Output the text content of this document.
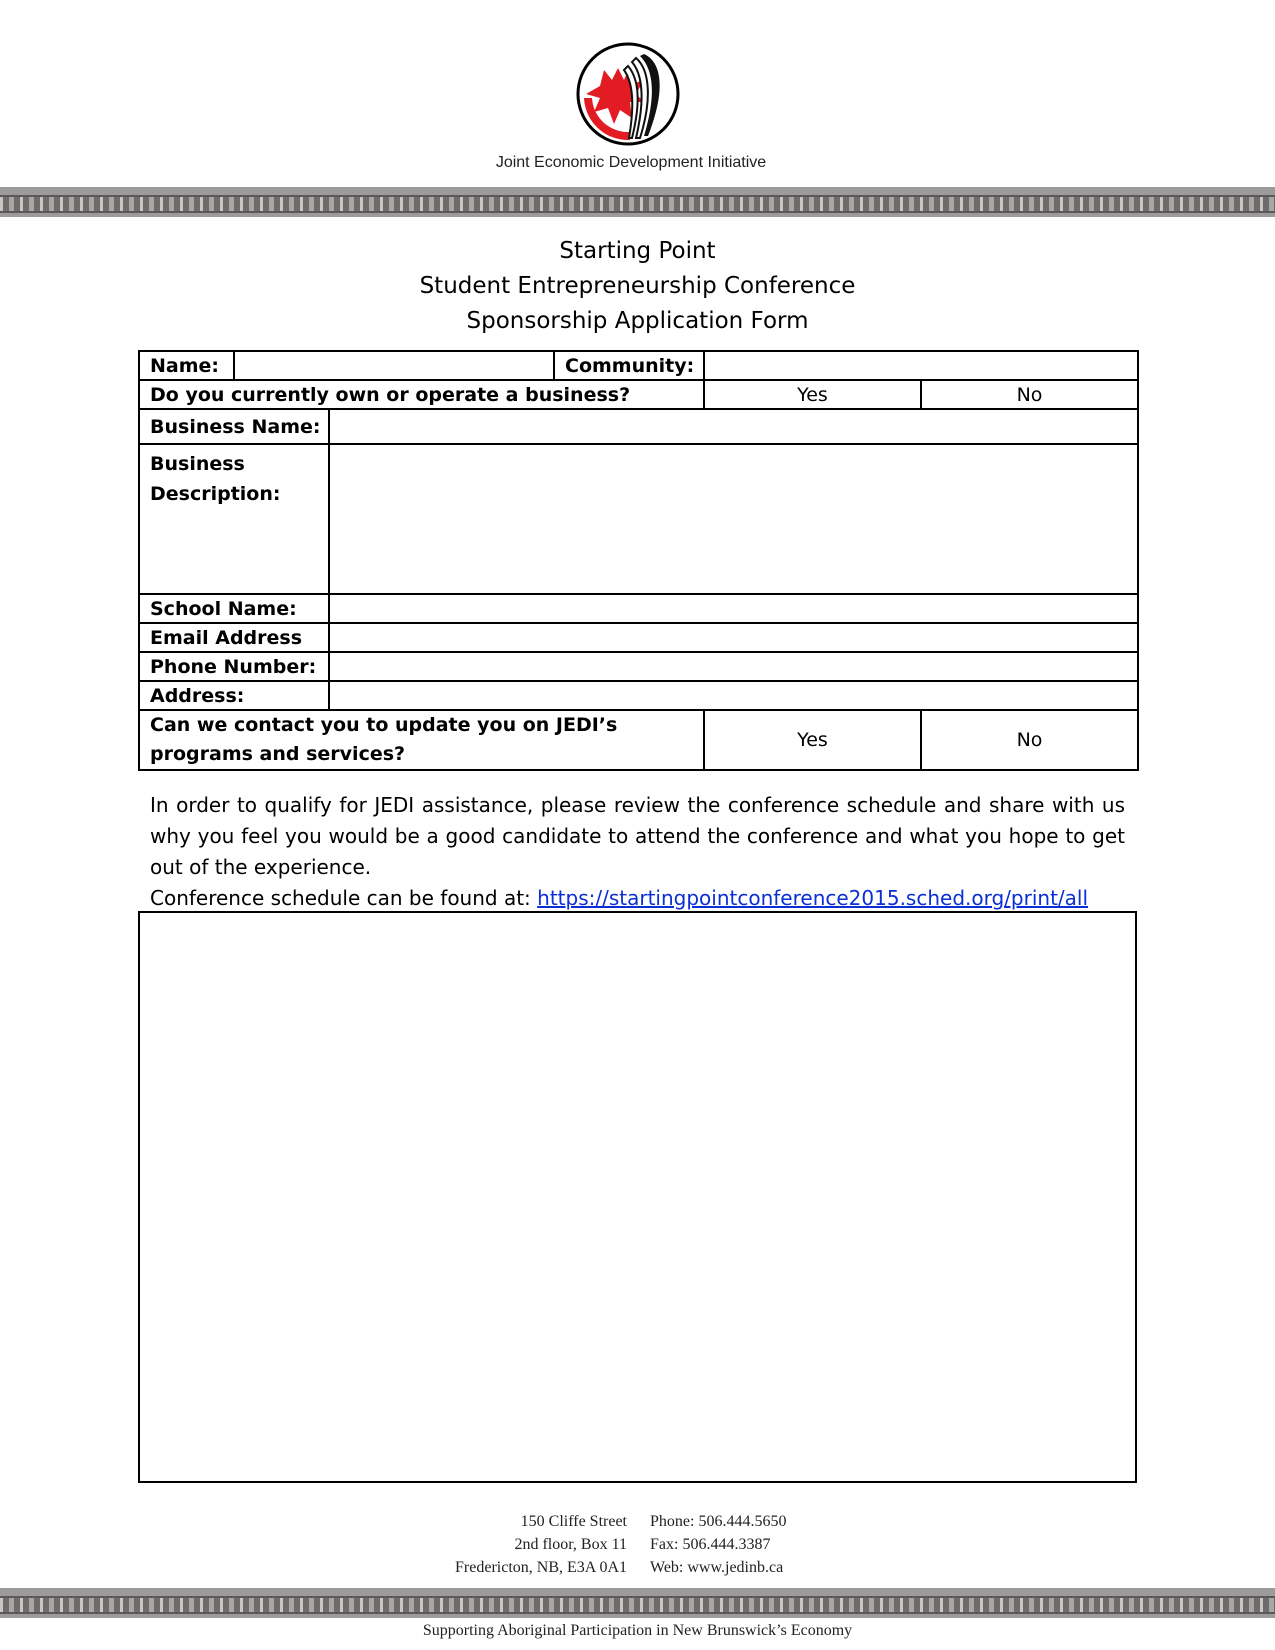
Joint Economic Development Initiative
Starting Point
Student Entrepreneurship Conference
Sponsorship Application Form
Name:			Community:		
Do you currently own or operate a business?				Yes	No
Business Name:					
Business Description:					
School Name:					
Email Address					
Phone Number:					
Address:					
Can we contact you to update you on JEDI’s programs and services?				Yes	No

In order to qualify for JEDI assistance, please review the conference schedule and share with us why you feel you would be a good candidate to attend the conference and what you hope to get out of the experience.

Conference schedule can be found at: https://startingpointconference2015.sched.org/print/all

150 Cliffe Street
2nd floor, Box 11
Fredericton, NB, E3A 0A1
Phone: 506.444.5650
Fax: 506.444.3387
Web: www.jedinb.ca
Supporting Aboriginal Participation in New Brunswick’s Economy
